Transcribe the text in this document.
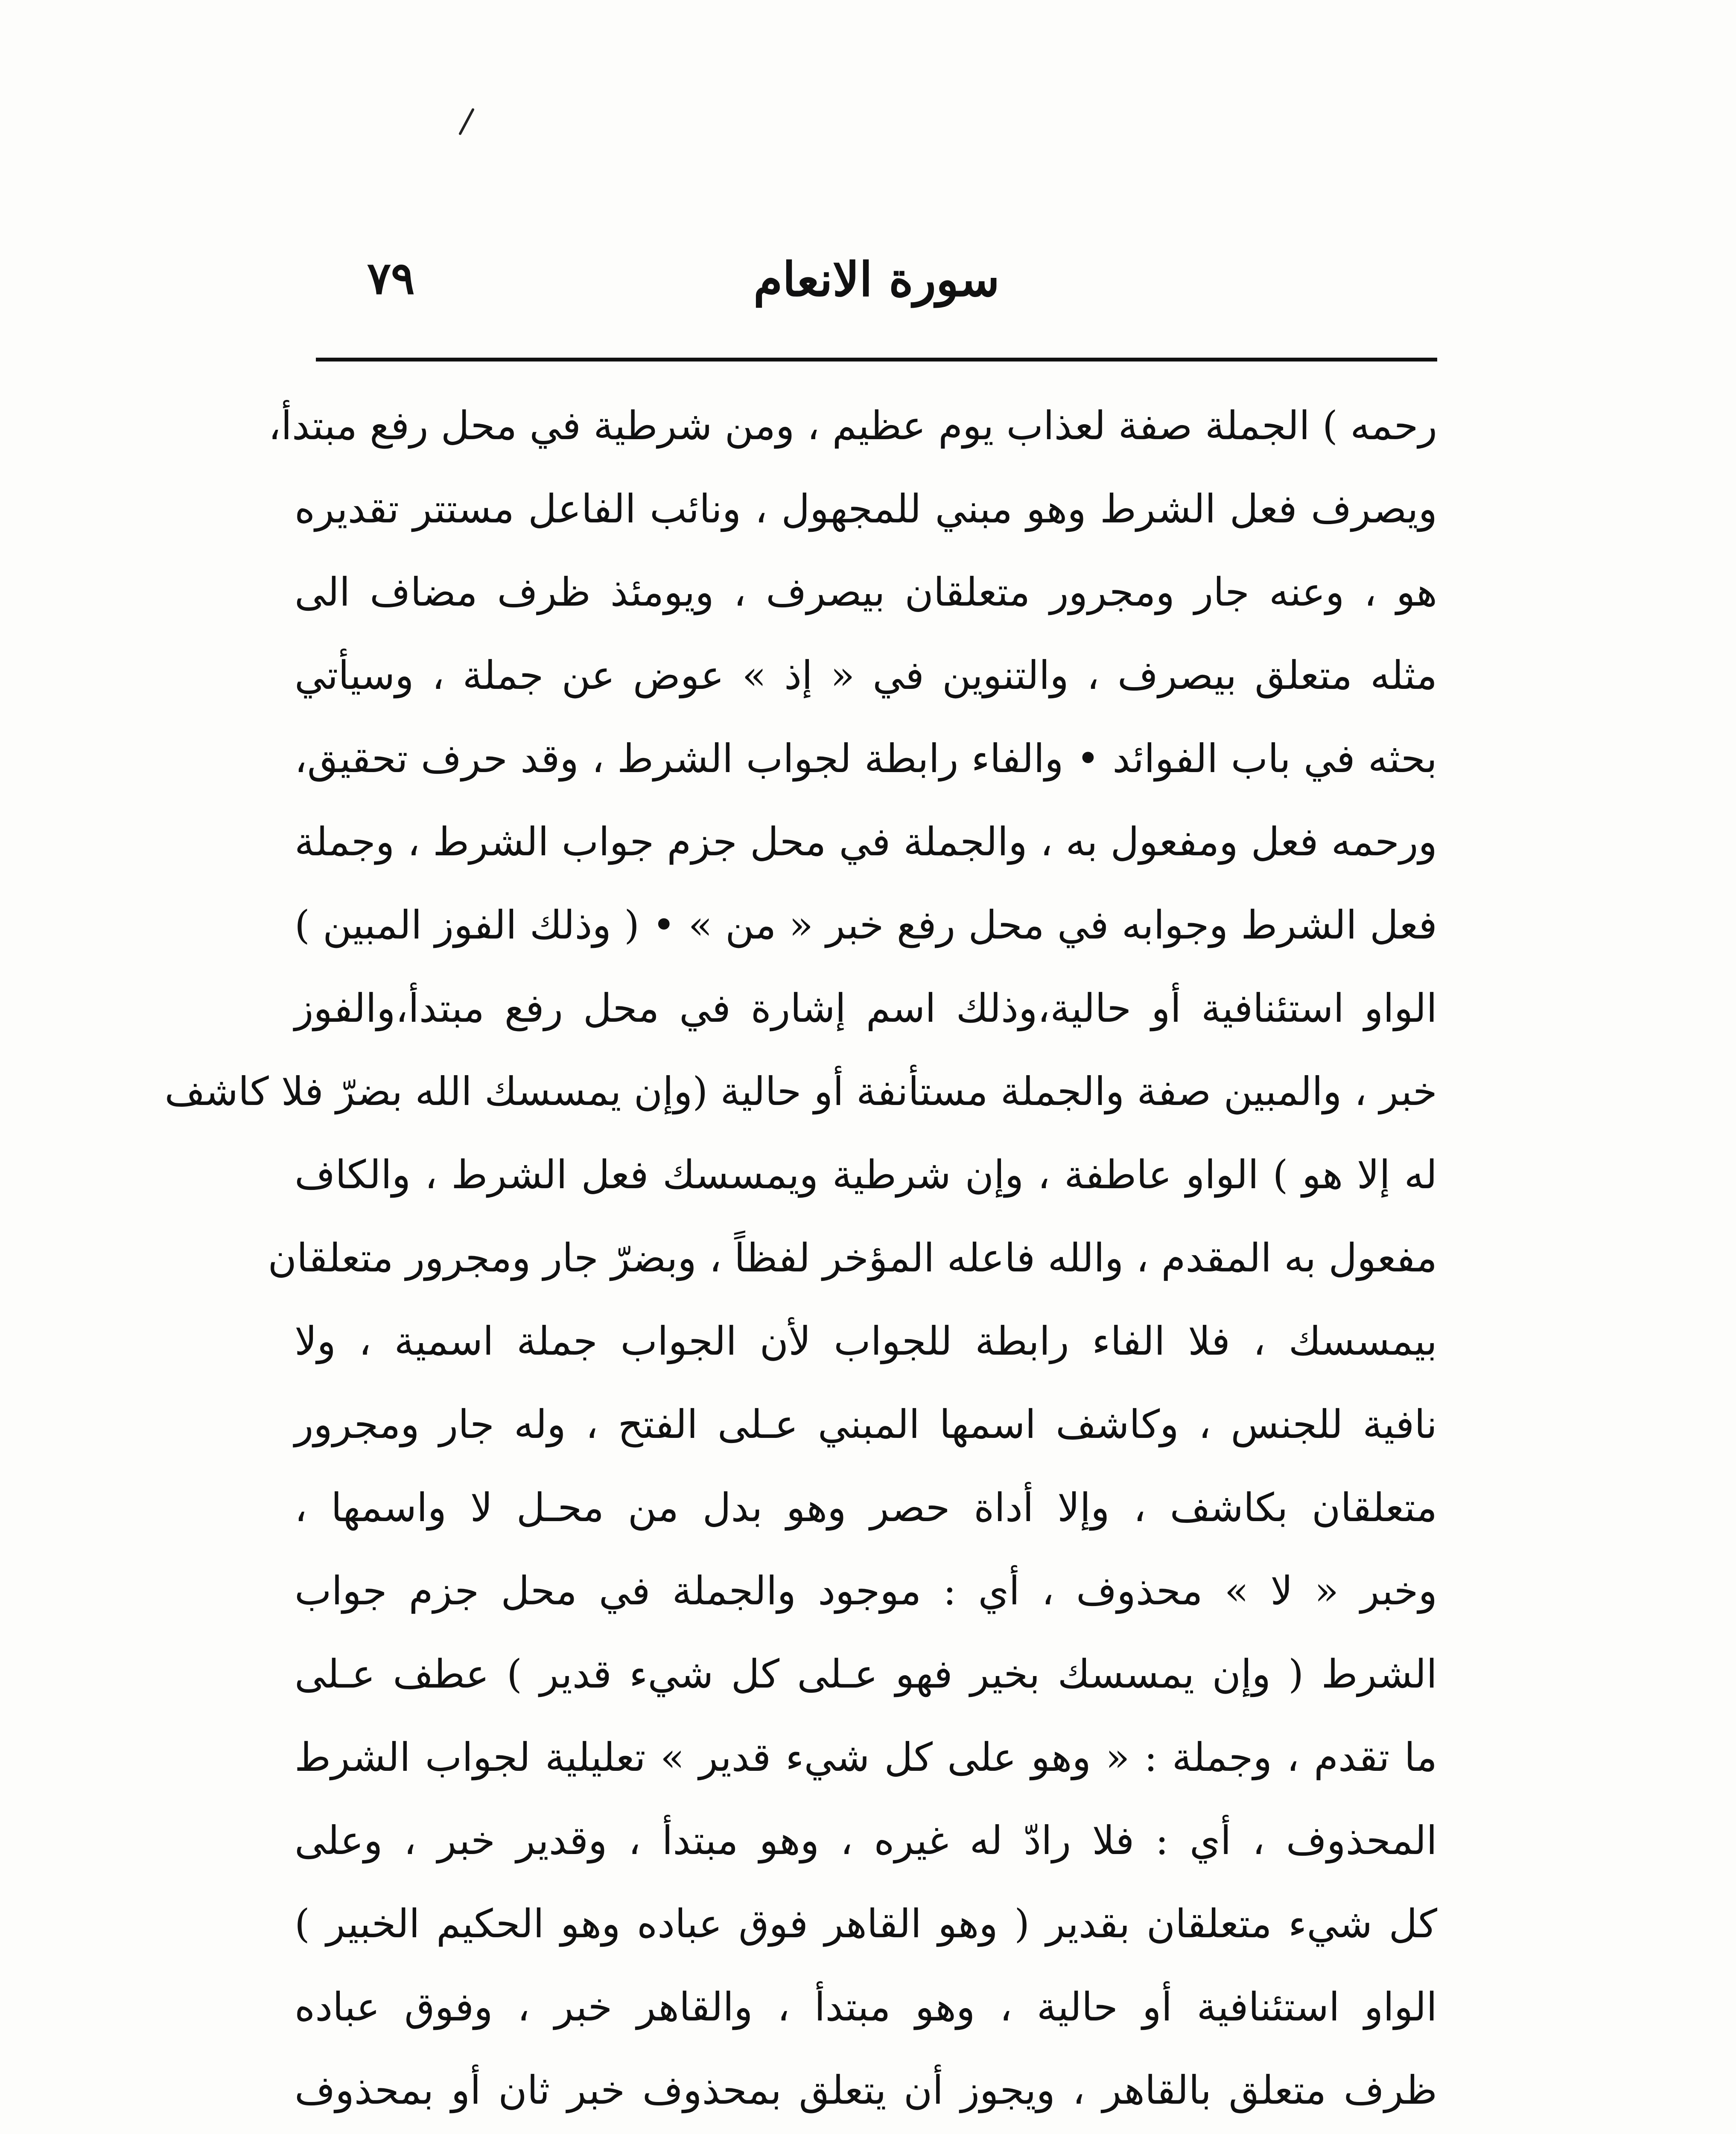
٧٩	سورة الانعام
رحمه ) الجملة صفة لعذاب يوم عظيم ، ومن شرطية في محل رفع مبتدأ،
ويصرف فعل الشرط وهو مبني للمجهول ، ونائب الفاعل مستتر تقديره
هو ، وعنه جار ومجرور متعلقان بيصرف ، ويومئذ ظرف مضاف الى
مثله متعلق بيصرف ، والتنوين في « إذ » عوض عن جملة ، وسيأتي
بحثه في باب الفوائد • والفاء رابطة لجواب الشرط ، وقد حرف تحقيق،
ورحمه فعل ومفعول به ، والجملة في محل جزم جواب الشرط ، وجملة
فعل الشرط وجوابه في محل رفع خبر « من » • ( وذلك الفوز المبين )
الواو استئنافية أو حالية،وذلك اسم إشارة في محل رفع مبتدأ،والفوز
خبر ، والمبين صفة والجملة مستأنفة أو حالية (وإن يمسسك الله بضرّ فلا كاشف
له إلا هو ) الواو عاطفة ، وإن شرطية ويمسسك فعل الشرط ، والكاف
مفعول به المقدم ، والله فاعله المؤخر لفظاً ، وبضرّ جار ومجرور متعلقان
بيمسسك ، فلا الفاء رابطة للجواب لأن الجواب جملة اسمية ، ولا
نافية للجنس ، وكاشف اسمها المبني عـلى الفتح ، وله جار ومجرور
متعلقان بكاشف ، وإلا أداة حصر وهو بدل من محـل لا واسمها ،
وخبر « لا » محذوف ، أي : موجود والجملة في محل جزم جواب
الشرط ( وإن يمسسك بخير فهو عـلى كل شيء قدير ) عطف عـلى
ما تقدم ، وجملة : « وهو على كل شيء قدير » تعليلية لجواب الشرط
المحذوف ، أي : فلا رادّ له غيره ، وهو مبتدأ ، وقدير خبر ، وعلى
كل شيء متعلقان بقدير ( وهو القاهر فوق عباده وهو الحكيم الخبير )
الواو استئنافية أو حالية ، وهو مبتدأ ، والقاهر خبر ، وفوق عباده
ظرف متعلق بالقاهر ، ويجوز أن يتعلق بمحذوف خبر ثان أو بمحذوف
